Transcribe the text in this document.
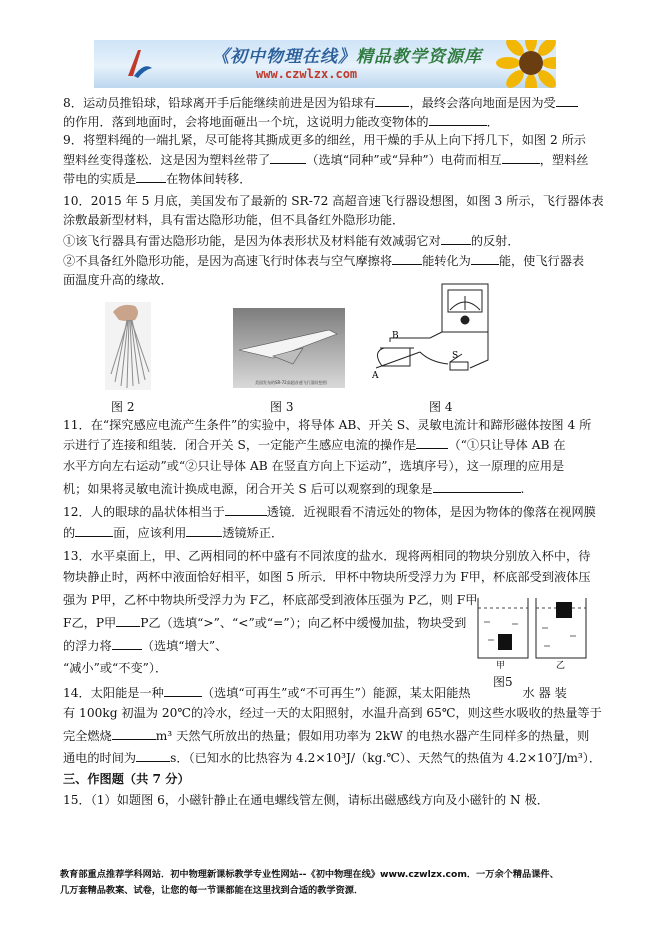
《初中物理在线》精品教学资源库
www.czwlzx.com
8．运动员推铅球，铅球离开手后能继续前进是因为铅球有	，最终会落向地面是因为受
的作用．落到地面时，会将地面砸出一个坑，这说明力能改变物体的	．
9．将塑料绳的一端扎紧，尽可能将其撕成更多的细丝，用干燥的手从上向下捋几下，如图 2 所示
塑料丝变得蓬松．这是因为塑料丝带了	（选填“同种”或“异种”）电荷而相互	，塑料丝
带电的实质是 在物体间转移．
10．2015 年 5 月底，美国发布了最新的 SR-72 高超音速飞行器设想图，如图 3 所示，飞行器体表
涂敷最新型材料，具有雷达隐形功能，但不具备红外隐形功能．
①该飞行器具有雷达隐形功能，是因为体表形状及材料能有效减弱它对 的反射．
②不具备红外隐形功能，是因为高速飞行时体表与空气摩擦将 能转化为 能，使飞行器表
面温度升高的缘故．
图 2
美国发布的SR-72高超音速飞行器设想图
图 3
B
A
S
图 4
11．在“探究感应电流产生条件”的实验中，将导体 AB、开关 S、灵敏电流计和蹄形磁体按图 4 所
示进行了连接和组装．闭合开关 S，一定能产生感应电流的操作是	（“①只让导体 AB 在
水平方向左右运动”或“②只让导体 AB 在竖直方向上下运动”，选填序号），这一原理的应用是
机；如果将灵敏电流计换成电源，闭合开关 S 后可以观察到的现象是	.
12．人的眼球的晶状体相当于	透镜．近视眼看不清远处的物体，是因为物体的像落在视网膜
的	面，应该利用	透镜矫正．
13．水平桌面上，甲、乙两相同的杯中盛有不同浓度的盐水．现将两相同的物块分别放入杯中，待
物块静止时，两杯中液面恰好相平，如图 5 所示．甲杯中物块所受浮力为 F甲，杯底部受到液体压
强为 P甲，乙杯中物块所受浮力为 F乙，杯底部受到液体压强为 P乙，则 F甲
F乙，P甲 P乙（选填“>”、“<”或“=”）；向乙杯中缓慢加盐，物块受到
的浮力将 （选填“增大”、
“减小”或“不变”）．	甲	乙
图5
14．太阳能是一种	（选填“可再生”或“不可再生”）能源，某太阳能热	水 器 装
有 100kg 初温为 20℃的冷水，经过一天的太阳照射，水温升高到 65℃，则这些水吸收的热量等于
完全燃烧	m³ 天然气所放出的热量；假如用功率为 2kW 的电热水器产生同样多的热量，则
通电的时间为	s．（已知水的比热容为 4.2×10³J/（kg.℃）、天然气的热值为 4.2×10⁷J/m³）．
三、作图题（共 7 分）
15．（1）如题图 6，小磁针静止在通电螺线管左侧，请标出磁感线方向及小磁针的 N 极．
教育部重点推荐学科网站．初中物理新课标教学专业性网站--《初中物理在线》www.czwlzx.com．一万余个精品课件、
几万套精品教案、试卷，让您的每一节课都能在这里找到合适的教学资源．
